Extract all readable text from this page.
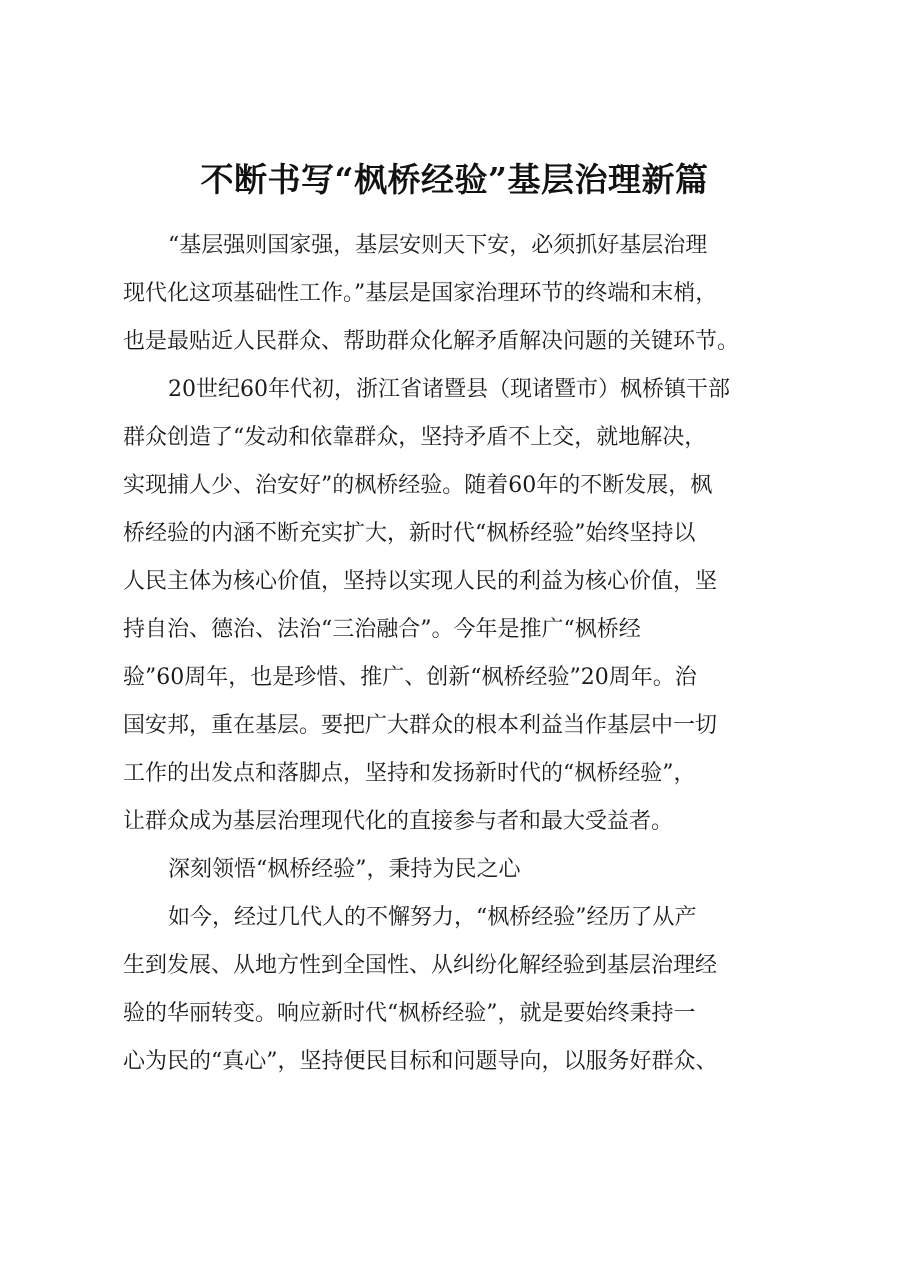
不断书写“枫桥经验”基层治理新篇

“基层强则国家强，基层安则天下安，必须抓好基层治理

现代化这项基础性工作。”基层是国家治理环节的终端和末梢，

也是最贴近人民群众、帮助群众化解矛盾解决问题的关键环节。

20世纪60年代初，浙江省诸暨县（现诸暨市）枫桥镇干部

群众创造了“发动和依靠群众，坚持矛盾不上交，就地解决，

实现捕人少、治安好”的枫桥经验。随着60年的不断发展，枫

桥经验的内涵不断充实扩大，新时代“枫桥经验”始终坚持以

人民主体为核心价值，坚持以实现人民的利益为核心价值，坚

持自治、德治、法治“三治融合”。今年是推广“枫桥经

验”60周年，也是珍惜、推广、创新“枫桥经验”20周年。治

国安邦，重在基层。要把广大群众的根本利益当作基层中一切

工作的出发点和落脚点，坚持和发扬新时代的“枫桥经验”，

让群众成为基层治理现代化的直接参与者和最大受益者。

深刻领悟“枫桥经验”，秉持为民之心

如今，经过几代人的不懈努力，“枫桥经验”经历了从产

生到发展、从地方性到全国性、从纠纷化解经验到基层治理经

验的华丽转变。响应新时代“枫桥经验”，就是要始终秉持一

心为民的“真心”，坚持便民目标和问题导向，以服务好群众、
